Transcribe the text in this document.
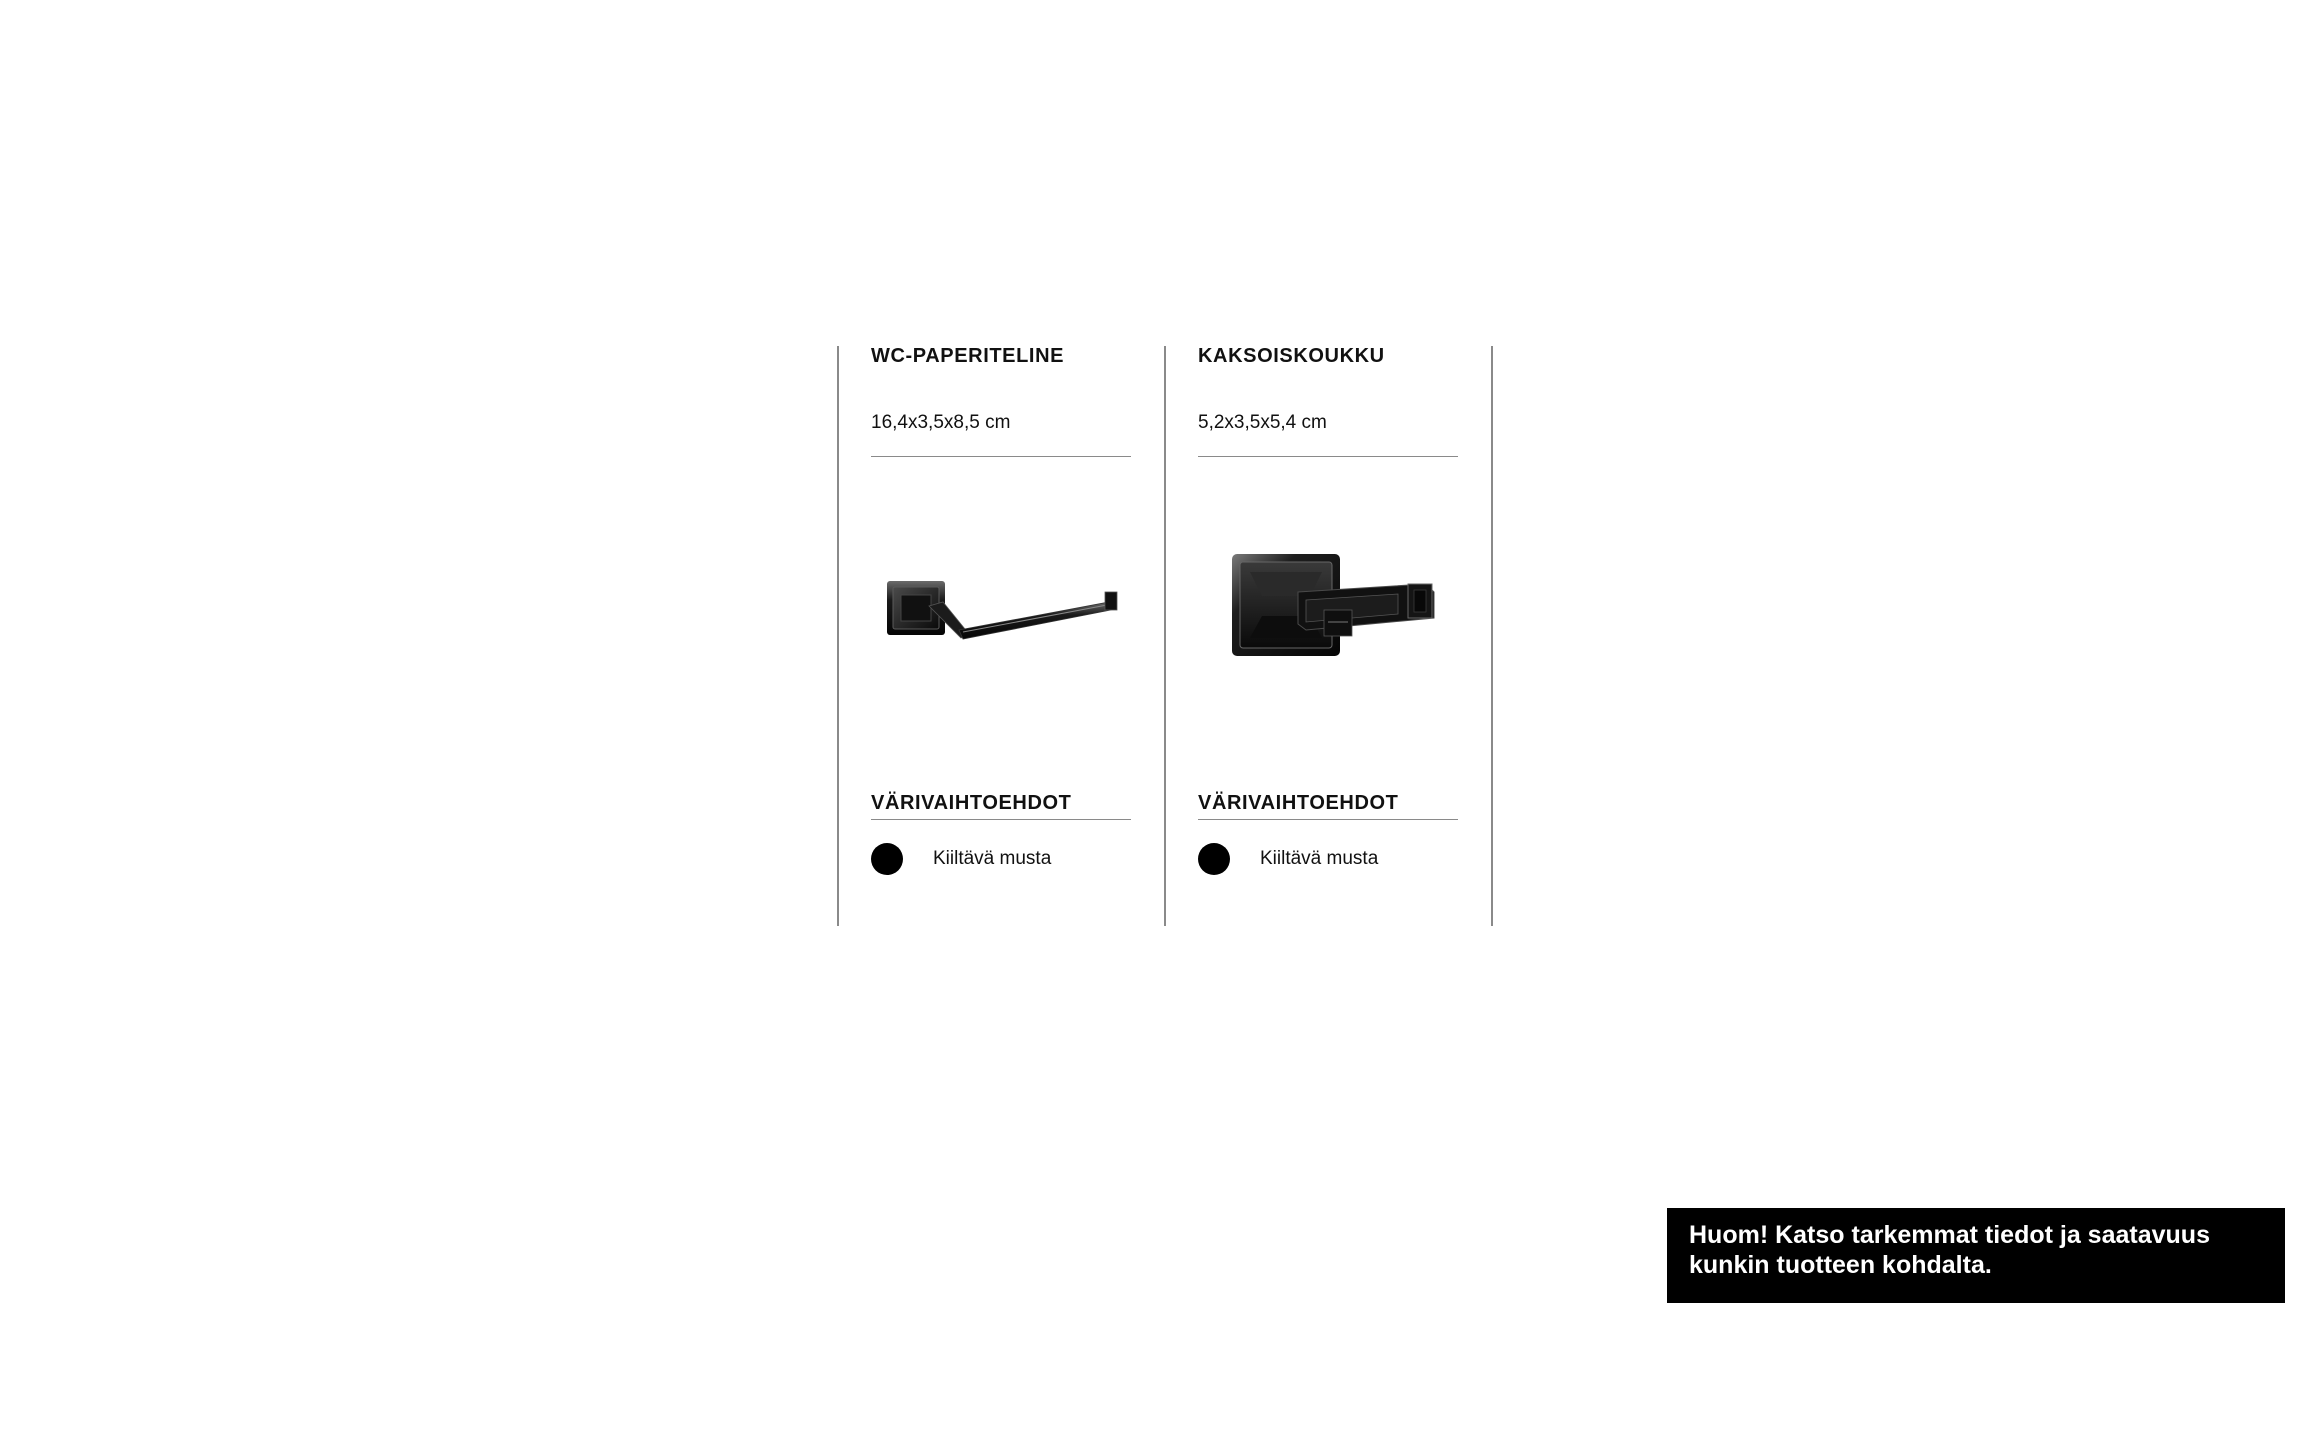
WC-PAPERITELINE
16,4x3,5x8,5 cm
VÄRIVAIHTOEHDOT
Kiiltävä musta
KAKSOISKOUKKU
5,2x3,5x5,4 cm
VÄRIVAIHTOEHDOT
Kiiltävä musta
Huom! Katso tarkemmat tiedot ja saatavuus kunkin tuotteen kohdalta.
